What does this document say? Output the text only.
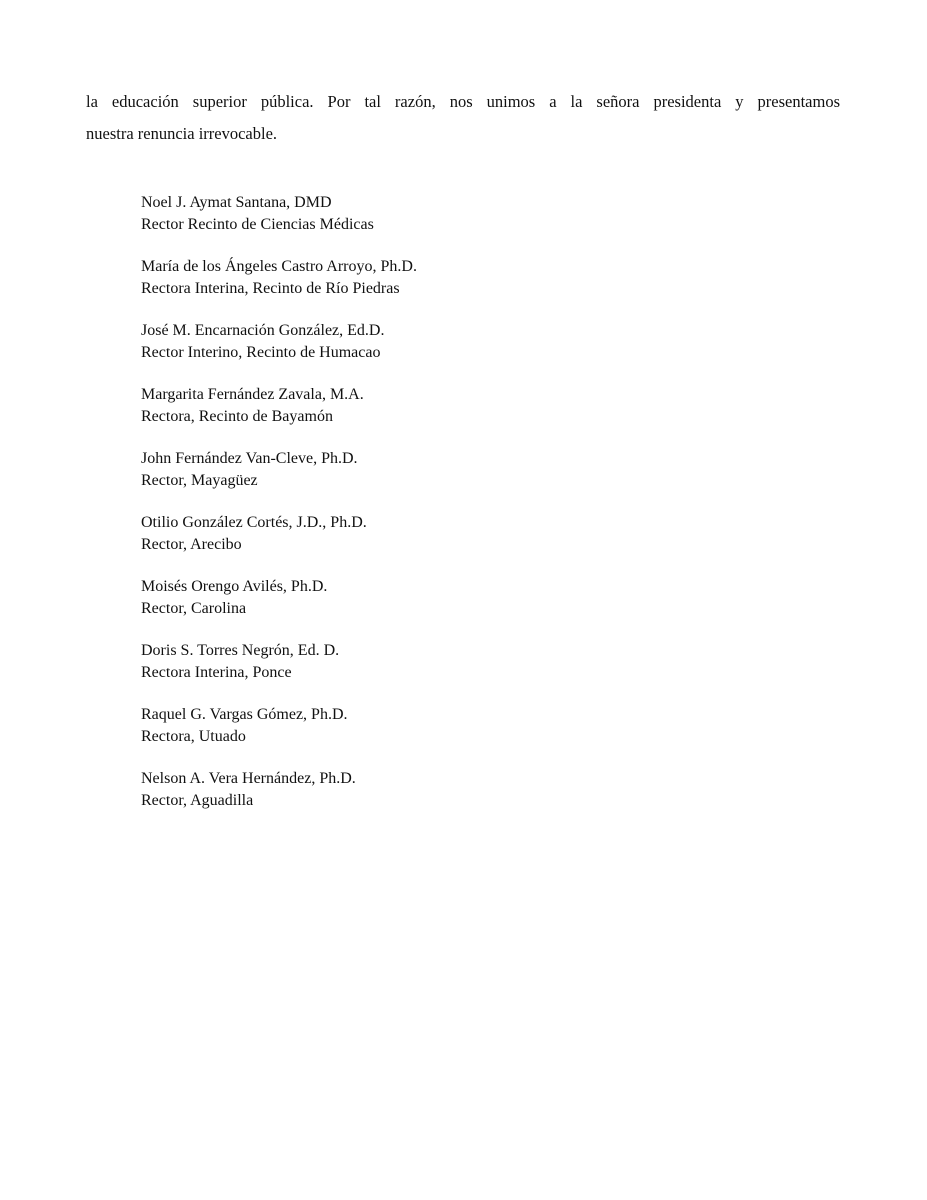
la educación superior pública. Por tal razón, nos unimos a la señora presidenta y presentamos
nuestra renuncia irrevocable.

Noel J. Aymat Santana, DMD
Rector Recinto de Ciencias Médicas
María de los Ángeles Castro Arroyo, Ph.D.
Rectora Interina, Recinto de Río Piedras
José M. Encarnación González, Ed.D.
Rector Interino, Recinto de Humacao
Margarita Fernández Zavala, M.A.
Rectora, Recinto de Bayamón
John Fernández Van-Cleve, Ph.D.
Rector, Mayagüez
Otilio González Cortés, J.D., Ph.D.
Rector, Arecibo
Moisés Orengo Avilés, Ph.D.
Rector, Carolina
Doris S. Torres Negrón, Ed. D.
Rectora Interina, Ponce
Raquel G. Vargas Gómez, Ph.D.
Rectora, Utuado
Nelson A. Vera Hernández, Ph.D.
Rector, Aguadilla
